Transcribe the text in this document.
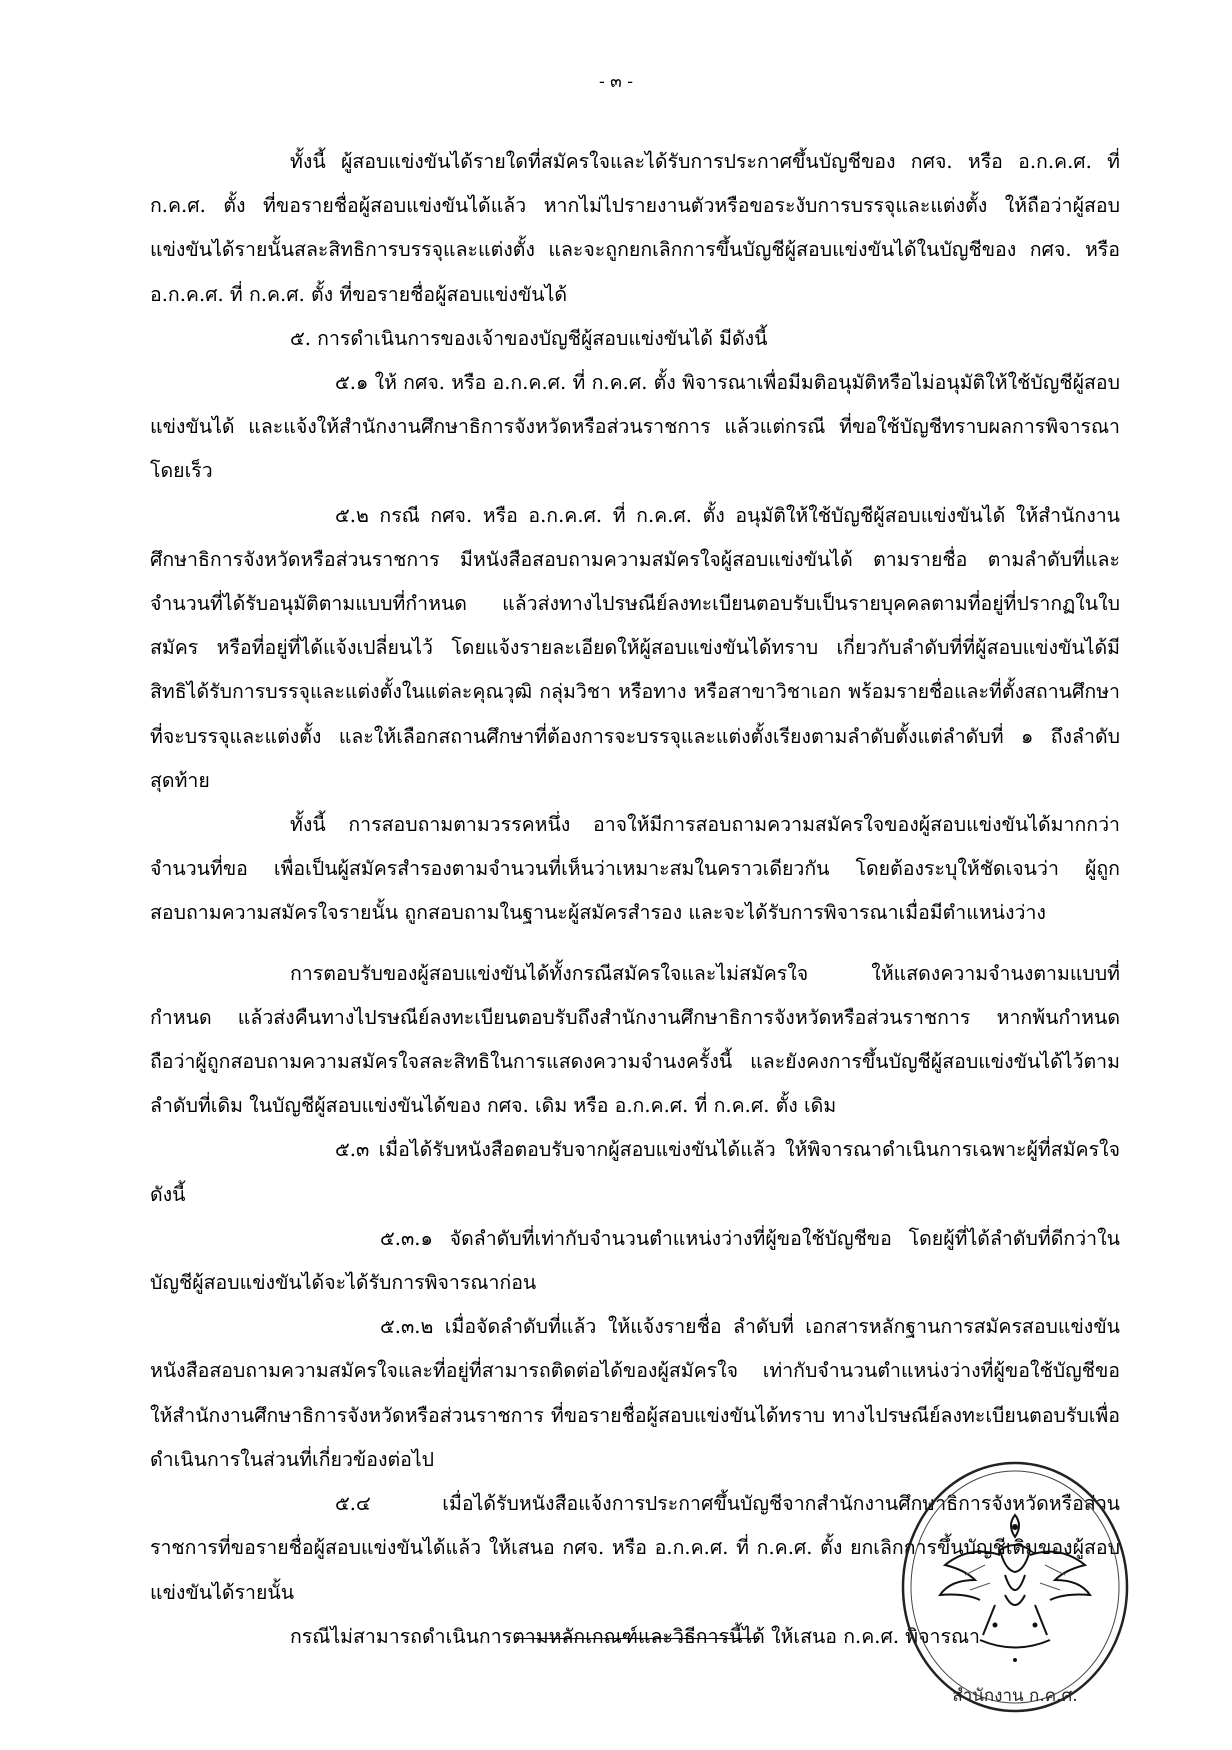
- ๓ -

ทั้งนี้ ผู้สอบแข่งขันได้รายใดที่สมัครใจและได้รับการประกาศขึ้นบัญชีของ กศจ. หรือ อ.ก.ค.ศ. ที่ ก.ค.ศ. ตั้ง ที่ขอรายชื่อผู้สอบแข่งขันได้แล้ว หากไม่ไปรายงานตัวหรือขอระงับการบรรจุและแต่งตั้ง ให้ถือว่าผู้สอบแข่งขันได้รายนั้นสละสิทธิการบรรจุและแต่งตั้ง และจะถูกยกเลิกการขึ้นบัญชีผู้สอบแข่งขันได้ในบัญชีของ กศจ. หรือ อ.ก.ค.ศ. ที่ ก.ค.ศ. ตั้ง ที่ขอรายชื่อผู้สอบแข่งขันได้

๕. การดำเนินการของเจ้าของบัญชีผู้สอบแข่งขันได้ มีดังนี้

๕.๑ ให้ กศจ. หรือ อ.ก.ค.ศ. ที่ ก.ค.ศ. ตั้ง พิจารณาเพื่อมีมติอนุมัติหรือไม่อนุมัติให้ใช้บัญชีผู้สอบแข่งขันได้ และแจ้งให้สำนักงานศึกษาธิการจังหวัดหรือส่วนราชการ แล้วแต่กรณี ที่ขอใช้บัญชีทราบผลการพิจารณาโดยเร็ว

๕.๒ กรณี กศจ. หรือ อ.ก.ค.ศ. ที่ ก.ค.ศ. ตั้ง อนุมัติให้ใช้บัญชีผู้สอบแข่งขันได้ ให้สำนักงานศึกษาธิการจังหวัดหรือส่วนราชการ มีหนังสือสอบถามความสมัครใจผู้สอบแข่งขันได้ ตามรายชื่อ ตามลำดับที่และจำนวนที่ได้รับอนุมัติตามแบบที่กำหนด แล้วส่งทางไปรษณีย์ลงทะเบียนตอบรับเป็นรายบุคคลตามที่อยู่ที่ปรากฏในใบสมัคร หรือที่อยู่ที่ได้แจ้งเปลี่ยนไว้ โดยแจ้งรายละเอียดให้ผู้สอบแข่งขันได้ทราบ เกี่ยวกับลำดับที่ที่ผู้สอบแข่งขันได้มีสิทธิได้รับการบรรจุและแต่งตั้งในแต่ละคุณวุฒิ กลุ่มวิชา หรือทาง หรือสาขาวิชาเอก พร้อมรายชื่อและที่ตั้งสถานศึกษาที่จะบรรจุและแต่งตั้ง และให้เลือกสถานศึกษาที่ต้องการจะบรรจุและแต่งตั้งเรียงตามลำดับตั้งแต่ลำดับที่ ๑ ถึงลำดับสุดท้าย

ทั้งนี้ การสอบถามตามวรรคหนึ่ง อาจให้มีการสอบถามความสมัครใจของผู้สอบแข่งขันได้มากกว่าจำนวนที่ขอ เพื่อเป็นผู้สมัครสำรองตามจำนวนที่เห็นว่าเหมาะสมในคราวเดียวกัน โดยต้องระบุให้ชัดเจนว่า ผู้ถูกสอบถามความสมัครใจรายนั้น ถูกสอบถามในฐานะผู้สมัครสำรอง และจะได้รับการพิจารณาเมื่อมีตำแหน่งว่าง

การตอบรับของผู้สอบแข่งขันได้ทั้งกรณีสมัครใจและไม่สมัครใจ ให้แสดงความจำนงตามแบบที่กำหนด แล้วส่งคืนทางไปรษณีย์ลงทะเบียนตอบรับถึงสำนักงานศึกษาธิการจังหวัดหรือส่วนราชการ หากพ้นกำหนด ถือว่าผู้ถูกสอบถามความสมัครใจสละสิทธิในการแสดงความจำนงครั้งนี้ และยังคงการขึ้นบัญชีผู้สอบแข่งขันได้ไว้ตามลำดับที่เดิม ในบัญชีผู้สอบแข่งขันได้ของ กศจ. เดิม หรือ อ.ก.ค.ศ. ที่ ก.ค.ศ. ตั้ง เดิม

๕.๓ เมื่อได้รับหนังสือตอบรับจากผู้สอบแข่งขันได้แล้ว ให้พิจารณาดำเนินการเฉพาะผู้ที่สมัครใจ ดังนี้

๕.๓.๑ จัดลำดับที่เท่ากับจำนวนตำแหน่งว่างที่ผู้ขอใช้บัญชีขอ โดยผู้ที่ได้ลำดับที่ดีกว่าในบัญชีผู้สอบแข่งขันได้จะได้รับการพิจารณาก่อน

๕.๓.๒ เมื่อจัดลำดับที่แล้ว ให้แจ้งรายชื่อ ลำดับที่ เอกสารหลักฐานการสมัครสอบแข่งขันหนังสือสอบถามความสมัครใจและที่อยู่ที่สามารถติดต่อได้ของผู้สมัครใจ เท่ากับจำนวนตำแหน่งว่างที่ผู้ขอใช้บัญชีขอให้สำนักงานศึกษาธิการจังหวัดหรือส่วนราชการ ที่ขอรายชื่อผู้สอบแข่งขันได้ทราบ ทางไปรษณีย์ลงทะเบียนตอบรับเพื่อดำเนินการในส่วนที่เกี่ยวข้องต่อไป

๕.๔ เมื่อได้รับหนังสือแจ้งการประกาศขึ้นบัญชีจากสำนักงานศึกษาธิการจังหวัดหรือส่วนราชการที่ขอรายชื่อผู้สอบแข่งขันได้แล้ว ให้เสนอ กศจ. หรือ อ.ก.ค.ศ. ที่ ก.ค.ศ. ตั้ง ยกเลิกการขึ้นบัญชีเดิมของผู้สอบแข่งขันได้รายนั้น

กรณีไม่สามารถดำเนินการตามหลักเกณฑ์และวิธีการนี้ได้ ให้เสนอ ก.ค.ศ. พิจารณา

สำนักงาน ก.ค.ศ.
